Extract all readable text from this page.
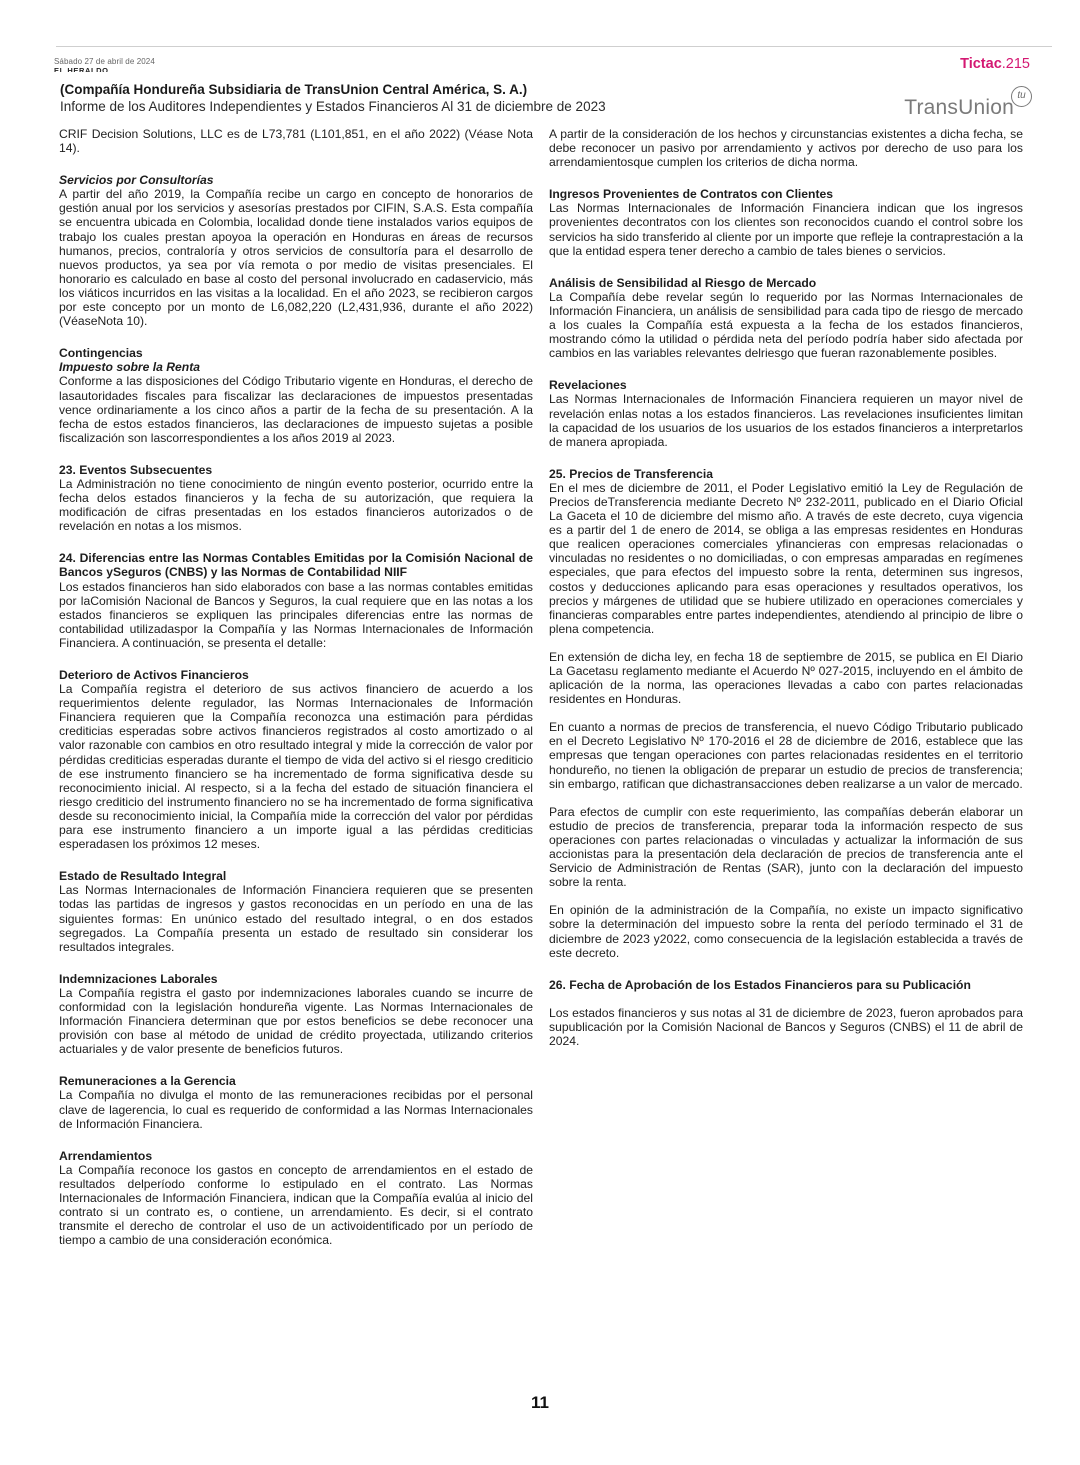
Sábado 27 de abril de 2024
EL HERALDO	Tictac.215
(Compañía Hondureña Subsidiaria de TransUnion Central América, S. A.)
Informe de los Auditores Independientes y Estados Financieros Al 31 de diciembre de 2023	TransUnion
tu

CRIF Decision Solutions, LLC es de L73,781 (L101,851, en el año 2022) (Véase Nota 14).

Servicios por Consultorías

A partir del año 2019, la Compañía recibe un cargo en concepto de honorarios de gestión anual por los servicios y asesorías prestados por CIFIN, S.A.S. Esta compañía se encuentra ubicada en Colombia, localidad donde tiene instalados varios equipos de trabajo los cuales prestan apoyoa la operación en Honduras en áreas de recursos humanos, precios, contraloría y otros servicios de consultoría para el desarrollo de nuevos productos, ya sea por vía remota o por medio de visitas presenciales. El honorario es calculado en base al costo del personal involucrado en cadaservicio, más los viáticos incurridos en las visitas a la localidad. En el año 2023, se recibieron cargos por este concepto por un monto de L6,082,220 (L2,431,936, durante el año 2022) (VéaseNota 10).

Contingencias

Impuesto sobre la Renta

Conforme a las disposiciones del Código Tributario vigente en Honduras, el derecho de lasautoridades fiscales para fiscalizar las declaraciones de impuestos presentadas vence ordinariamente a los cinco años a partir de la fecha de su presentación. A la fecha de estos estados financieros, las declaraciones de impuesto sujetas a posible fiscalización son lascorrespondientes a los años 2019 al 2023.

23. Eventos Subsecuentes

La Administración no tiene conocimiento de ningún evento posterior, ocurrido entre la fecha delos estados financieros y la fecha de su autorización, que requiera la modificación de cifras presentadas en los estados financieros autorizados o de revelación en notas a los mismos.

24. Diferencias entre las Normas Contables Emitidas por la Comisión Nacional de Bancos ySeguros (CNBS) y las Normas de Contabilidad NIIF

Los estados financieros han sido elaborados con base a las normas contables emitidas por laComisión Nacional de Bancos y Seguros, la cual requiere que en las notas a los estados financieros se expliquen las principales diferencias entre las normas de contabilidad utilizadaspor la Compañía y las Normas Internacionales de Información Financiera. A continuación, se presenta el detalle:

Deterioro de Activos Financieros

La Compañía registra el deterioro de sus activos financiero de acuerdo a los requerimientos delente regulador, las Normas Internacionales de Información Financiera requieren que la Compañía reconozca una estimación para pérdidas crediticias esperadas sobre activos financieros registrados al costo amortizado o al valor razonable con cambios en otro resultado integral y mide la corrección de valor por pérdidas crediticias esperadas durante el tiempo de vida del activo si el riesgo crediticio de ese instrumento financiero se ha incrementado de forma significativa desde su reconocimiento inicial. Al respecto, si a la fecha del estado de situación financiera el riesgo crediticio del instrumento financiero no se ha incrementado de forma significativa desde su reconocimiento inicial, la Compañía mide la corrección del valor por pérdidas para ese instrumento financiero a un importe igual a las pérdidas crediticias esperadasen los próximos 12 meses.

Estado de Resultado Integral

Las Normas Internacionales de Información Financiera requieren que se presenten todas las partidas de ingresos y gastos reconocidas en un período en una de las siguientes formas: En unúnico estado del resultado integral, o en dos estados segregados. La Compañía presenta un estado de resultado sin considerar los resultados integrales.

Indemnizaciones Laborales

La Compañía registra el gasto por indemnizaciones laborales cuando se incurre de conformidad con la legislación hondureña vigente. Las Normas Internacionales de Información Financiera determinan que por estos beneficios se debe reconocer una provisión con base al método de unidad de crédito proyectada, utilizando criterios actuariales y de valor presente de beneficios futuros.

Remuneraciones a la Gerencia

La Compañía no divulga el monto de las remuneraciones recibidas por el personal clave de lagerencia, lo cual es requerido de conformidad a las Normas Internacionales de Información Financiera.

Arrendamientos

La Compañía reconoce los gastos en concepto de arrendamientos en el estado de resultados delperíodo conforme lo estipulado en el contrato. Las Normas Internacionales de Información Financiera, indican que la Compañía evalúa al inicio del contrato si un contrato es, o contiene, un arrendamiento. Es decir, si el contrato transmite el derecho de controlar el uso de un activoidentificado por un período de tiempo a cambio de una consideración económica.

A partir de la consideración de los hechos y circunstancias existentes a dicha fecha, se debe reconocer un pasivo por arrendamiento y activos por derecho de uso para los arrendamientosque cumplen los criterios de dicha norma.

Ingresos Provenientes de Contratos con Clientes

Las Normas Internacionales de Información Financiera indican que los ingresos provenientes decontratos con los clientes son reconocidos cuando el control sobre los servicios ha sido transferido al cliente por un importe que refleje la contraprestación a la que la entidad espera tener derecho a cambio de tales bienes o servicios.

Análisis de Sensibilidad al Riesgo de Mercado

La Compañía debe revelar según lo requerido por las Normas Internacionales de Información Financiera, un análisis de sensibilidad para cada tipo de riesgo de mercado a los cuales la Compañía está expuesta a la fecha de los estados financieros, mostrando cómo la utilidad o pérdida neta del período podría haber sido afectada por cambios en las variables relevantes delriesgo que fueran razonablemente posibles.

Revelaciones

Las Normas Internacionales de Información Financiera requieren un mayor nivel de revelación enlas notas a los estados financieros. Las revelaciones insuficientes limitan la capacidad de los usuarios de los usuarios de los estados financieros a interpretarlos de manera apropiada.

25. Precios de Transferencia

En el mes de diciembre de 2011, el Poder Legislativo emitió la Ley de Regulación de Precios deTransferencia mediante Decreto Nº 232-2011, publicado en el Diario Oficial La Gaceta el 10 de diciembre del mismo año. A través de este decreto, cuya vigencia es a partir del 1 de enero de 2014, se obliga a las empresas residentes en Honduras que realicen operaciones comerciales yfinancieras con empresas relacionadas o vinculadas no residentes o no domiciliadas, o con empresas amparadas en regímenes especiales, que para efectos del impuesto sobre la renta, determinen sus ingresos, costos y deducciones aplicando para esas operaciones y resultados operativos, los precios y márgenes de utilidad que se hubiere utilizado en operaciones comerciales y financieras comparables entre partes independientes, atendiendo al principio de libre o plena competencia.

En extensión de dicha ley, en fecha 18 de septiembre de 2015, se publica en El Diario La Gacetasu reglamento mediante el Acuerdo Nº 027-2015, incluyendo en el ámbito de aplicación de la norma, las operaciones llevadas a cabo con partes relacionadas residentes en Honduras.

En cuanto a normas de precios de transferencia, el nuevo Código Tributario publicado en el Decreto Legislativo Nº 170-2016 el 28 de diciembre de 2016, establece que las empresas que tengan operaciones con partes relacionadas residentes en el territorio hondureño, no tienen la obligación de preparar un estudio de precios de transferencia; sin embargo, ratifican que dichastransacciones deben realizarse a un valor de mercado.

Para efectos de cumplir con este requerimiento, las compañías deberán elaborar un estudio de precios de transferencia, preparar toda la información respecto de sus operaciones con partes relacionadas o vinculadas y actualizar la información de sus accionistas para la presentación dela declaración de precios de transferencia ante el Servicio de Administración de Rentas (SAR), junto con la declaración del impuesto sobre la renta.

En opinión de la administración de la Compañía, no existe un impacto significativo sobre la determinación del impuesto sobre la renta del período terminado el 31 de diciembre de 2023 y2022, como consecuencia de la legislación establecida a través de este decreto.

26. Fecha de Aprobación de los Estados Financieros para su Publicación

Los estados financieros y sus notas al 31 de diciembre de 2023, fueron aprobados para supublicación por la Comisión Nacional de Bancos y Seguros (CNBS) el 11 de abril de 2024.

11
